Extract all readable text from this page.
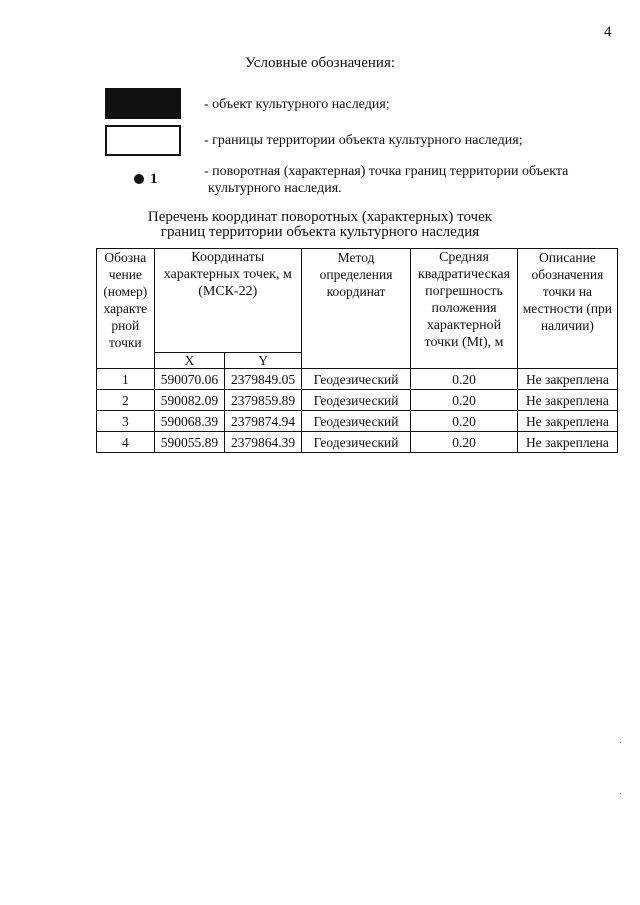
4
Условные обозначения:
- объект культурного наследия;
- границы территории объекта культурного наследия;
1	- поворотная (характерная) точка границ территории объекта
культурного наследия.
Перечень координат поворотных (характерных) точек
границ территории объекта культурного наследия
Обозна чение (номер) характе рной точки	Координаты характерных точек, м (МСК-22)		Метод определения координат	Средняя квадратическая погрешность положения характерной точки (Mt), м	Описание обозначения точки на местности (при наличии)
	X	Y			
1	590070.06	2379849.05	Геодезический	0.20	Не закреплена
2	590082.09	2379859.89	Геодезический	0.20	Не закреплена
3	590068.39	2379874.94	Геодезический	0.20	Не закреплена
4	590055.89	2379864.39	Геодезический	0.20	Не закреплена
